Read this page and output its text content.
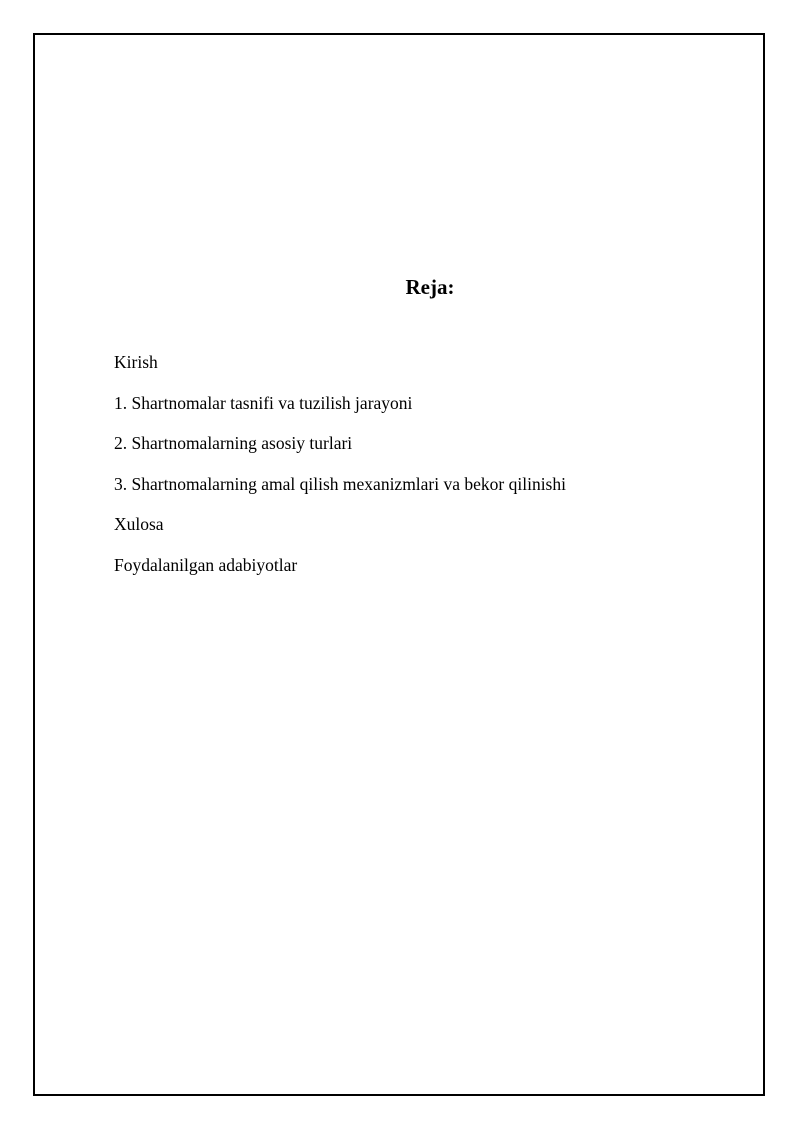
Reja:
Kirish
1. Shartnomalar tasnifi va tuzilish jarayoni
2. Shartnomalarning asosiy turlari
3. Shartnomalarning amal qilish mexanizmlari va bekor qilinishi
Xulosa
Foydalanilgan adabiyotlar
